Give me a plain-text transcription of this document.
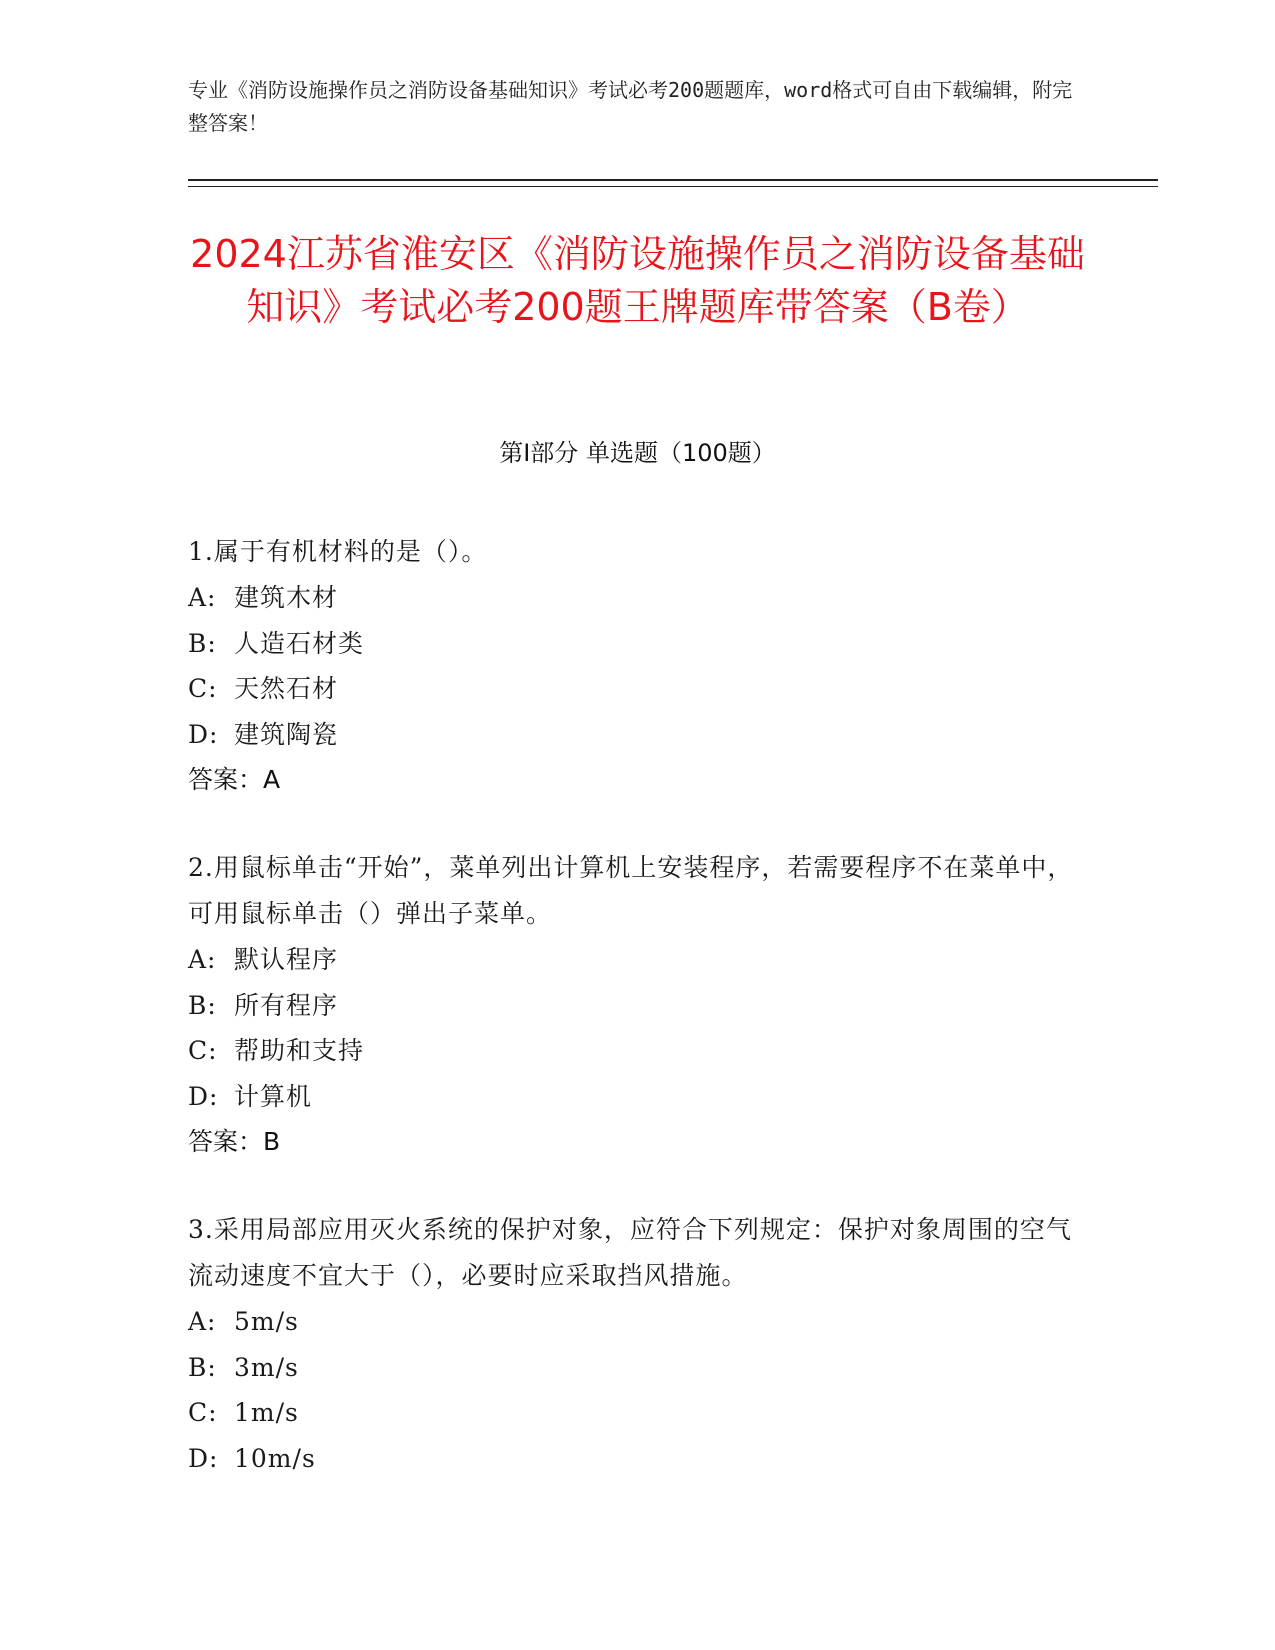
专业《消防设施操作员之消防设备基础知识》考试必考200题题库，word格式可自由下载编辑，附完整答案！
2024江苏省淮安区《消防设施操作员之消防设备基础知识》考试必考200题王牌题库带答案（B卷）
第I部分 单选题（100题）

1.属于有机材料的是（）。

A: 建筑木材

B: 人造石材类

C: 天然石材

D: 建筑陶瓷

答案：A

2.用鼠标单击“开始”，菜单列出计算机上安装程序，若需要程序不在菜单中，可用鼠标单击（）弹出子菜单。

A: 默认程序

B: 所有程序

C: 帮助和支持

D: 计算机

答案：B

3.采用局部应用灭火系统的保护对象，应符合下列规定：保护对象周围的空气流动速度不宜大于（），必要时应采取挡风措施。

A: 5m/s

B: 3m/s

C: 1m/s

D: 10m/s
